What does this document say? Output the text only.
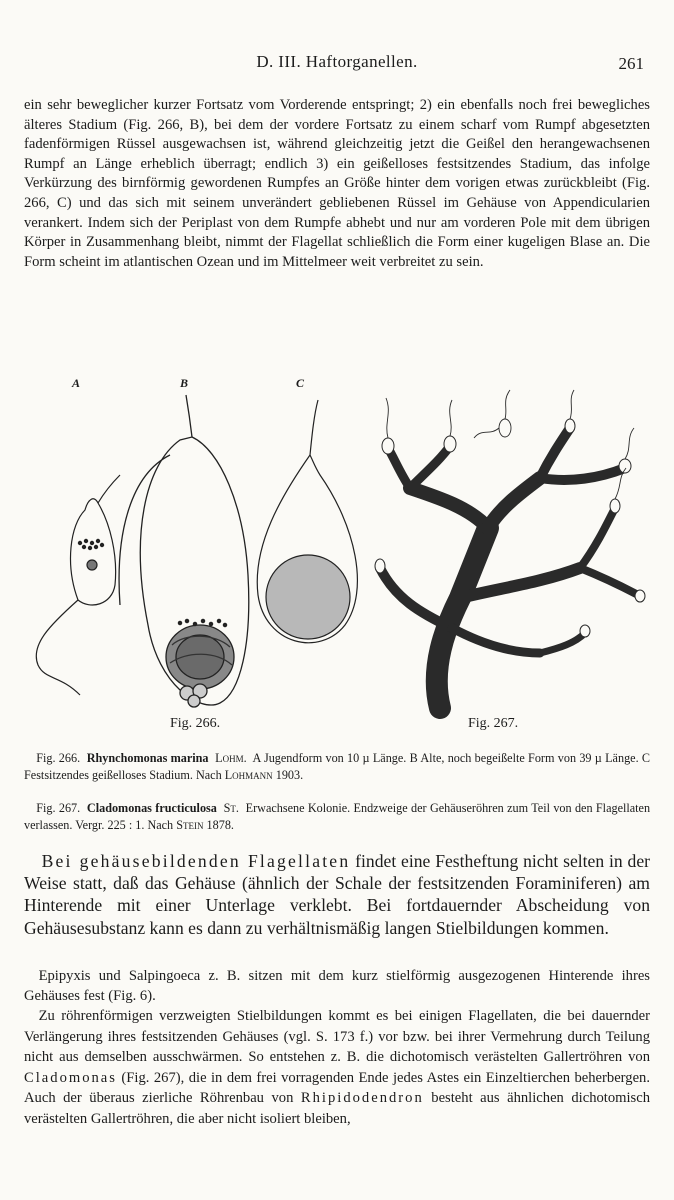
D. III. Haftorganellen.	261

ein sehr beweglicher kurzer Fortsatz vom Vorderende entspringt; 2) ein ebenfalls noch frei bewegliches älteres Stadium (Fig. 266, B), bei dem der vordere Fortsatz zu einem scharf vom Rumpf abgesetzten fadenförmigen Rüssel ausgewachsen ist, während gleichzeitig jetzt die Geißel den herangewachsenen Rumpf an Länge erheblich überragt; endlich 3) ein geißelloses festsitzendes Stadium, das infolge Verkürzung des birnförmig gewordenen Rumpfes an Größe hinter dem vorigen etwas zurückbleibt (Fig. 266, C) und das sich mit seinem unverändert gebliebenen Rüssel im Gehäuse von Appendicularien verankert. Indem sich der Periplast von dem Rumpfe abhebt und nur am vorderen Pole mit dem übrigen Körper in Zusammenhang bleibt, nimmt der Flagellat schließlich die Form einer kugeligen Blase an. Die Form scheint im atlantischen Ozean und im Mittelmeer weit verbreitet zu sein.

A	B	C
Fig. 266.	Fig. 267.

 Fig. 266. Rhynchomonas marina Lohm. A Jugendform von 10 µ Länge. B Alte, noch begeißelte Form von 39 µ Länge. C Festsitzendes geißelloses Stadium. Nach Lohmann 1903.

 Fig. 267. Cladomonas fructiculosa St. Erwachsene Kolonie. Endzweige der Gehäuseröhren zum Teil von den Flagellaten verlassen. Vergr. 225 : 1. Nach Stein 1878.

 Bei gehäusebildenden Flagellaten findet eine Festheftung nicht selten in der Weise statt, daß das Gehäuse (ähnlich der Schale der festsitzenden Foraminiferen) am Hinterende mit einer Unterlage verklebt. Bei fortdauernder Abscheidung von Gehäusesubstanz kann es dann zu verhältnismäßig langen Stielbildungen kommen.

 Epipyxis und Salpingoeca z. B. sitzen mit dem kurz stielförmig ausgezogenen Hinterende ihres Gehäuses fest (Fig. 6).

 Zu röhrenförmigen verzweigten Stielbildungen kommt es bei einigen Flagellaten, die bei dauernder Verlängerung ihres festsitzenden Gehäuses (vgl. S. 173 f.) vor bzw. bei ihrer Vermehrung durch Teilung nicht aus demselben ausschwärmen. So entstehen z. B. die dichotomisch verästelten Gallertröhren von Cladomonas (Fig. 267), die in dem frei vorragenden Ende jedes Astes ein Einzeltierchen beherbergen. Auch der überaus zierliche Röhrenbau von Rhipidodendron besteht aus ähnlichen dichotomisch verästelten Gallertröhren, die aber nicht isoliert bleiben,
